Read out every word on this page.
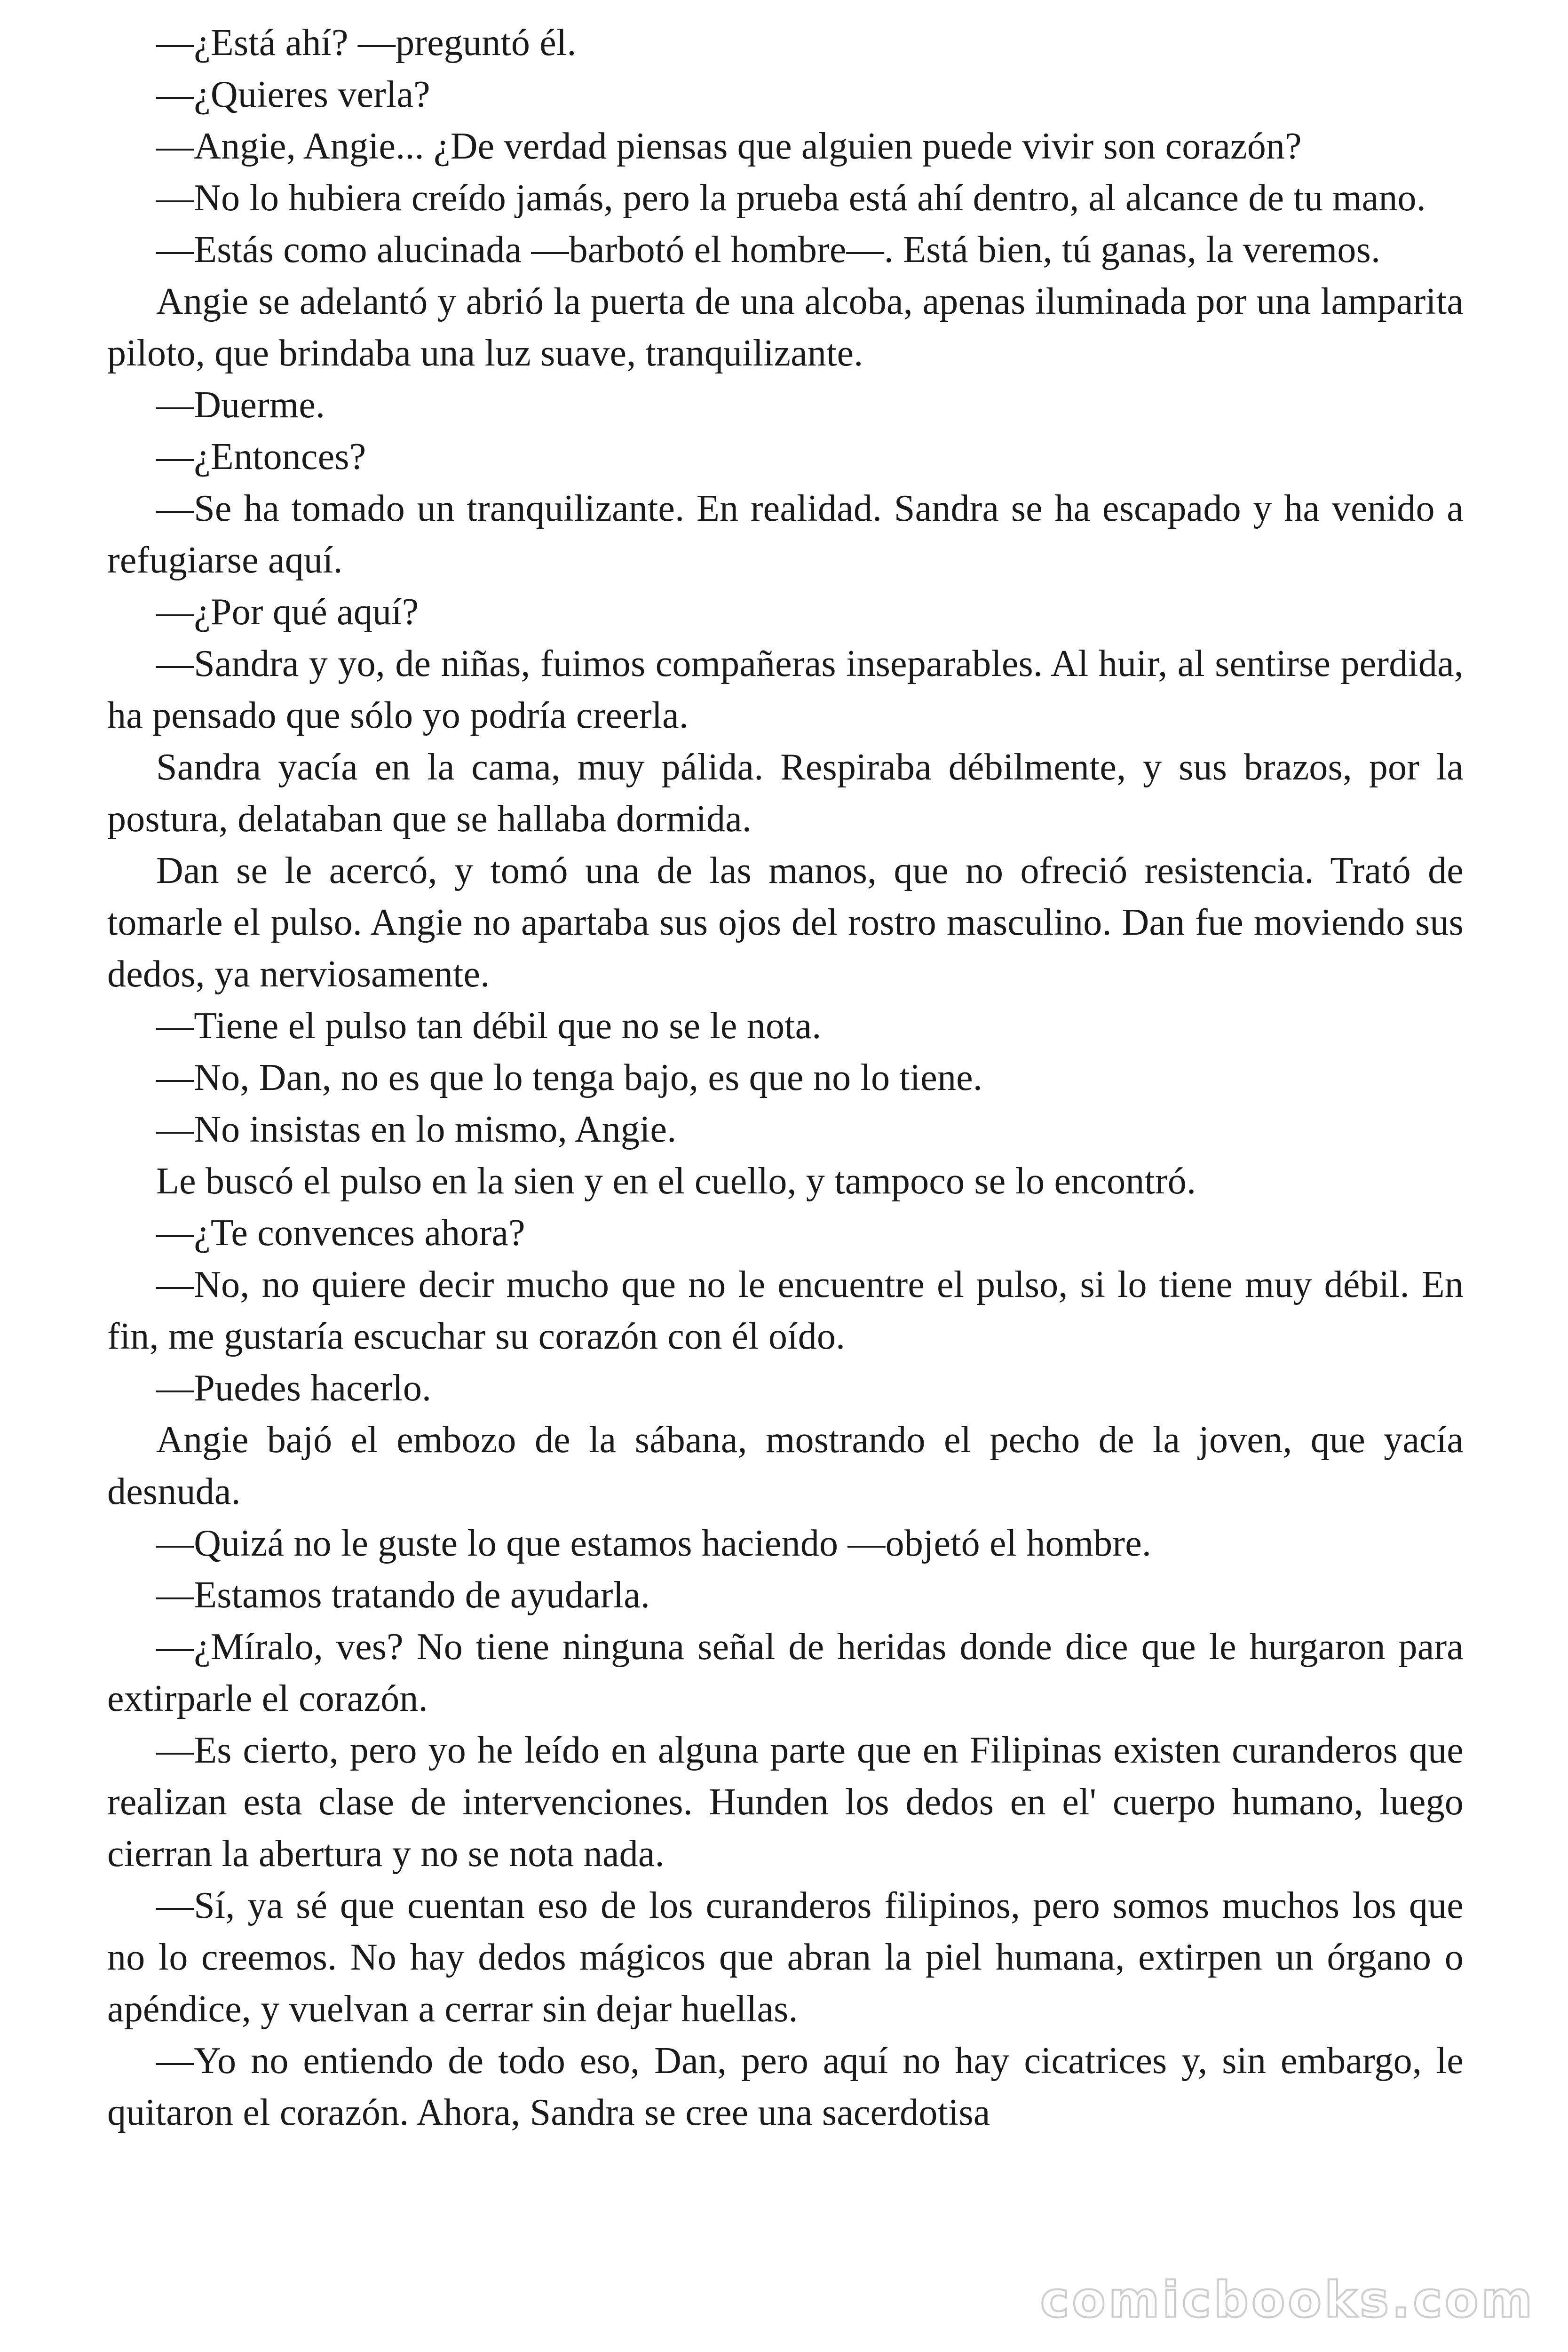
—¿Está ahí? —preguntó él.

—¿Quieres verla?

—Angie, Angie... ¿De verdad piensas que alguien puede vivir son corazón?

—No lo hubiera creído jamás, pero la prueba está ahí dentro, al alcance de tu mano.

—Estás como alucinada —barbotó el hombre—. Está bien, tú ganas, la veremos.

Angie se adelantó y abrió la puerta de una alcoba, apenas iluminada por una lamparita piloto, que brindaba una luz suave, tranquilizante.

—Duerme.

—¿Entonces?

—Se ha tomado un tranquilizante. En realidad. Sandra se ha escapado y ha venido a refugiarse aquí.

—¿Por qué aquí?

—Sandra y yo, de niñas, fuimos compañeras inseparables. Al huir, al sentirse perdida, ha pensado que sólo yo podría creerla.

Sandra yacía en la cama, muy pálida. Respiraba débilmente, y sus brazos, por la postura, delataban que se hallaba dormida.

Dan se le acercó, y tomó una de las manos, que no ofreció resistencia. Trató de tomarle el pulso. Angie no apartaba sus ojos del rostro masculino. Dan fue moviendo sus dedos, ya nerviosamente.

—Tiene el pulso tan débil que no se le nota.

—No, Dan, no es que lo tenga bajo, es que no lo tiene.

—No insistas en lo mismo, Angie.

Le buscó el pulso en la sien y en el cuello, y tampoco se lo encontró.

—¿Te convences ahora?

—No, no quiere decir mucho que no le encuentre el pulso, si lo tiene muy débil. En fin, me gustaría escuchar su corazón con él oído.

—Puedes hacerlo.

Angie bajó el embozo de la sábana, mostrando el pecho de la joven, que yacía desnuda.

—Quizá no le guste lo que estamos haciendo —objetó el hombre.

—Estamos tratando de ayudarla.

—¿Míralo, ves? No tiene ninguna señal de heridas donde dice que le hurgaron para extirparle el corazón.

—Es cierto, pero yo he leído en alguna parte que en Filipinas existen curanderos que realizan esta clase de intervenciones. Hunden los dedos en el' cuerpo humano, luego cierran la abertura y no se nota nada.

—Sí, ya sé que cuentan eso de los curanderos filipinos, pero somos muchos los que no lo creemos. No hay dedos mágicos que abran la piel humana, extirpen un órgano o apéndice, y vuelvan a cerrar sin dejar huellas.

—Yo no entiendo de todo eso, Dan, pero aquí no hay cicatrices y, sin embargo, le quitaron el corazón. Ahora, Sandra se cree una sacerdotisa

comicbooks.com
